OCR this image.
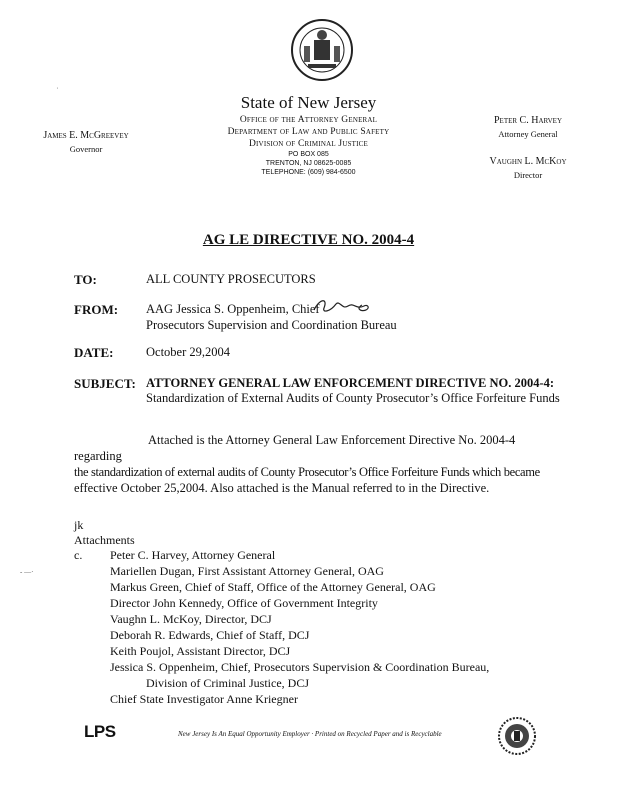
State of New Jersey
Office of the Attorney General
Department of Law and Public Safety
Division of Criminal Justice
PO BOX 085
TRENTON, NJ 08625-0085
TELEPHONE: (609) 984-6500
˙
James E. McGreevey
Governor
Peter C. Harvey
Attorney General
Vaughn L. McKoy
Director
AG LE DIRECTIVE NO. 2004-4
TO:	ALL COUNTY PROSECUTORS
FROM: AAG Jessica S. Oppenheim, Chief
Prosecutors Supervision and Coordination Bureau
DATE:	October 29,2004
SUBJECT: ATTORNEY GENERAL LAW ENFORCEMENT DIRECTIVE NO. 2004-4:
Standardization of External Audits of County Prosecutor’s Office Forfeiture Funds
Attached is the Attorney General Law Enforcement Directive No. 2004-4 regarding
the standardization of external audits of County Prosecutor’s Office Forfeiture Funds which became
effective October 25,2004. Also attached is the Manual referred to in the Directive.
jk
Attachments
c.
- —·
Peter C. Harvey, Attorney General
Mariellen Dugan, First Assistant Attorney General, OAG
Markus Green, Chief of Staff, Office of the Attorney General, OAG
Director John Kennedy, Office of Government Integrity
Vaughn L. McKoy, Director, DCJ
Deborah R. Edwards, Chief of Staff, DCJ
Keith Poujol, Assistant Director, DCJ
Jessica S. Oppenheim, Chief, Prosecutors Supervision & Coordination Bureau,
Division of Criminal Justice, DCJ
Chief State Investigator Anne Kriegner
LPS	New Jersey Is An Equal Opportunity Employer · Printed on Recycled Paper and is Recyclable
